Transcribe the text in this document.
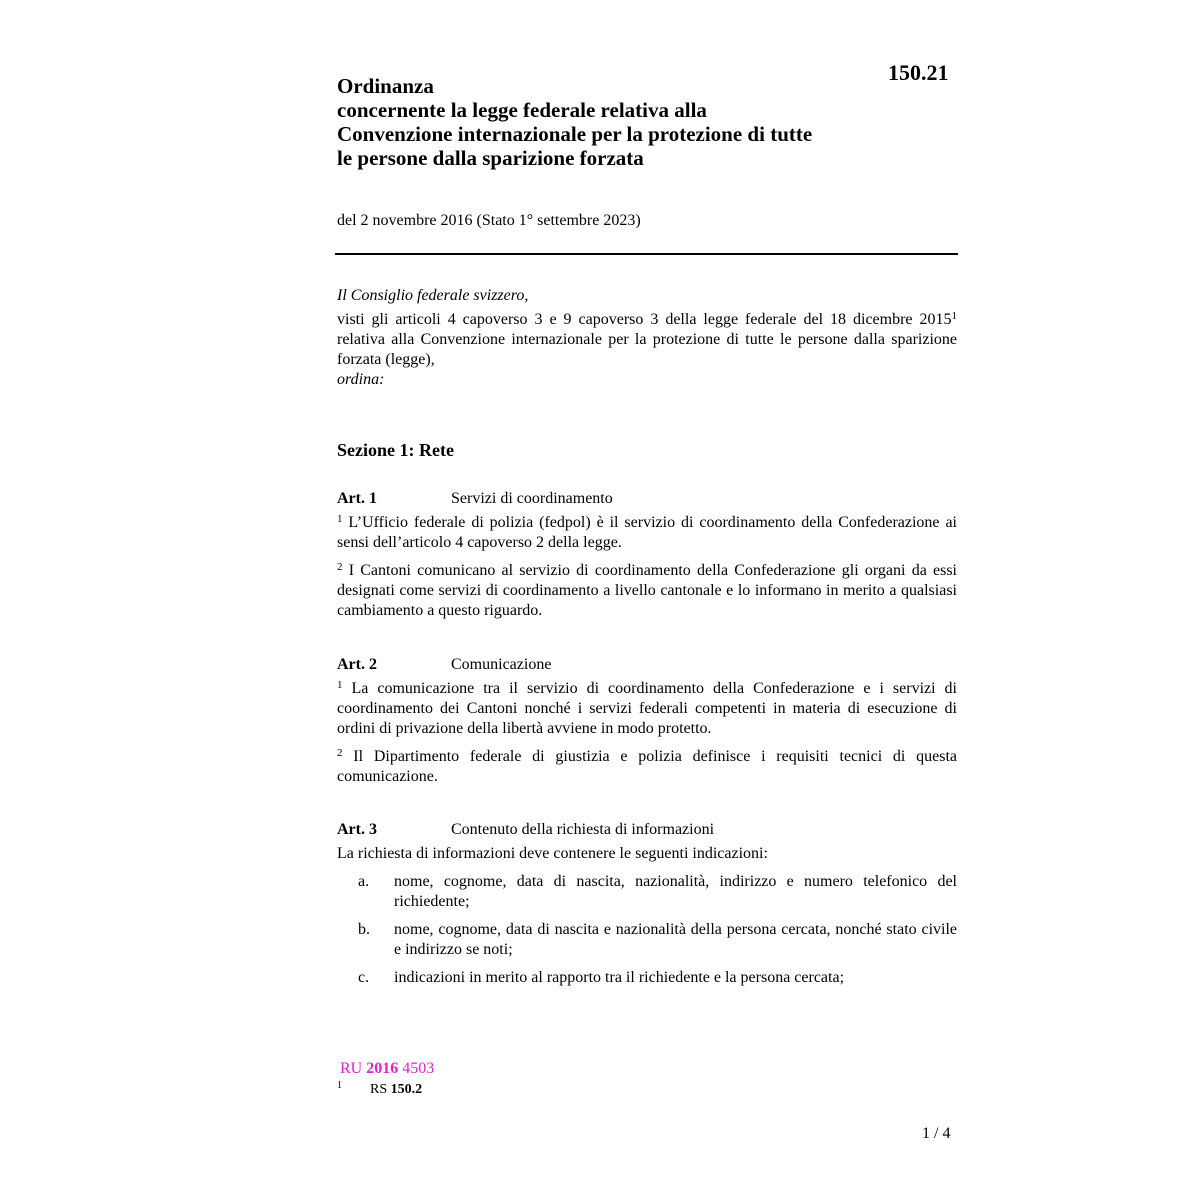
150.21
Ordinanza
concernente la legge federale relativa alla
Convenzione internazionale per la protezione di tutte
le persone dalla sparizione forzata
del 2 novembre 2016 (Stato 1° settembre 2023)

Il Consiglio federale svizzero,

visti gli articoli 4 capoverso 3 e 9 capoverso 3 della legge federale del 18 dicembre 2015$^1$ relativa alla Convenzione internazionale per la protezione di tutte le persone dalla sparizione forzata (legge),

ordina:

Sezione 1: Rete
Art. 1	Servizi di coordinamento

$^1$ L’Ufficio federale di polizia (fedpol) è il servizio di coordinamento della Confederazione ai sensi dell’articolo 4 capoverso 2 della legge.

$^2$ I Cantoni comunicano al servizio di coordinamento della Confederazione gli organi da essi designati come servizi di coordinamento a livello cantonale e lo informano in merito a qualsiasi cambiamento a questo riguardo.

Art. 2	Comunicazione

$^1$ La comunicazione tra il servizio di coordinamento della Confederazione e i servizi di coordinamento dei Cantoni nonché i servizi federali competenti in materia di esecuzione di ordini di privazione della libertà avviene in modo protetto.

$^2$ Il Dipartimento federale di giustizia e polizia definisce i requisiti tecnici di questa comunicazione.

Art. 3	Contenuto della richiesta di informazioni

La richiesta di informazioni deve contenere le seguenti indicazioni:

a.	nome, cognome, data di nascita, nazionalità, indirizzo e numero telefonico del richiedente;
b.	nome, cognome, data di nascita e nazionalità della persona cercata, nonché stato civile e indirizzo se noti;
c.	indicazioni in merito al rapporto tra il richiedente e la persona cercata;
RU 2016 4503
1 RS 150.2
1 / 4
